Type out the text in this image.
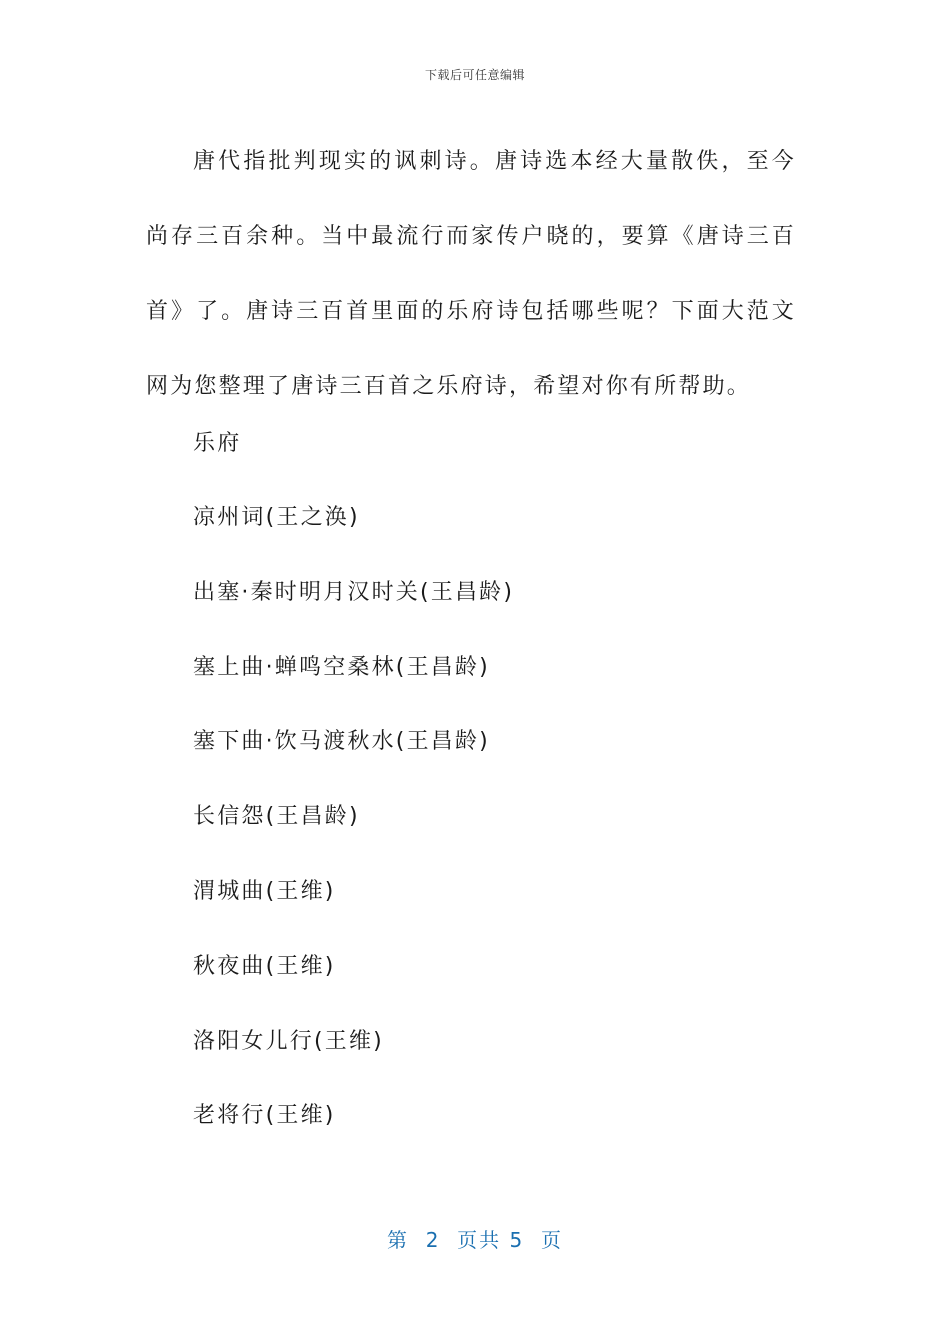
下载后可任意编辑

唐代指批判现实的讽刺诗。唐诗选本经大量散佚，至今尚存三百余种。当中最流行而家传户晓的，要算《唐诗三百首》了。唐诗三百首里面的乐府诗包括哪些呢？下面大范文网为您整理了唐诗三百首之乐府诗，希望对你有所帮助。

乐府

凉州词(王之涣)
出塞·秦时明月汉时关(王昌龄)
塞上曲·蝉鸣空桑林(王昌龄)
塞下曲·饮马渡秋水(王昌龄)
长信怨(王昌龄)
渭城曲(王维)
秋夜曲(王维)
洛阳女儿行(王维)
老将行(王维)
第  2  页共 5  页
